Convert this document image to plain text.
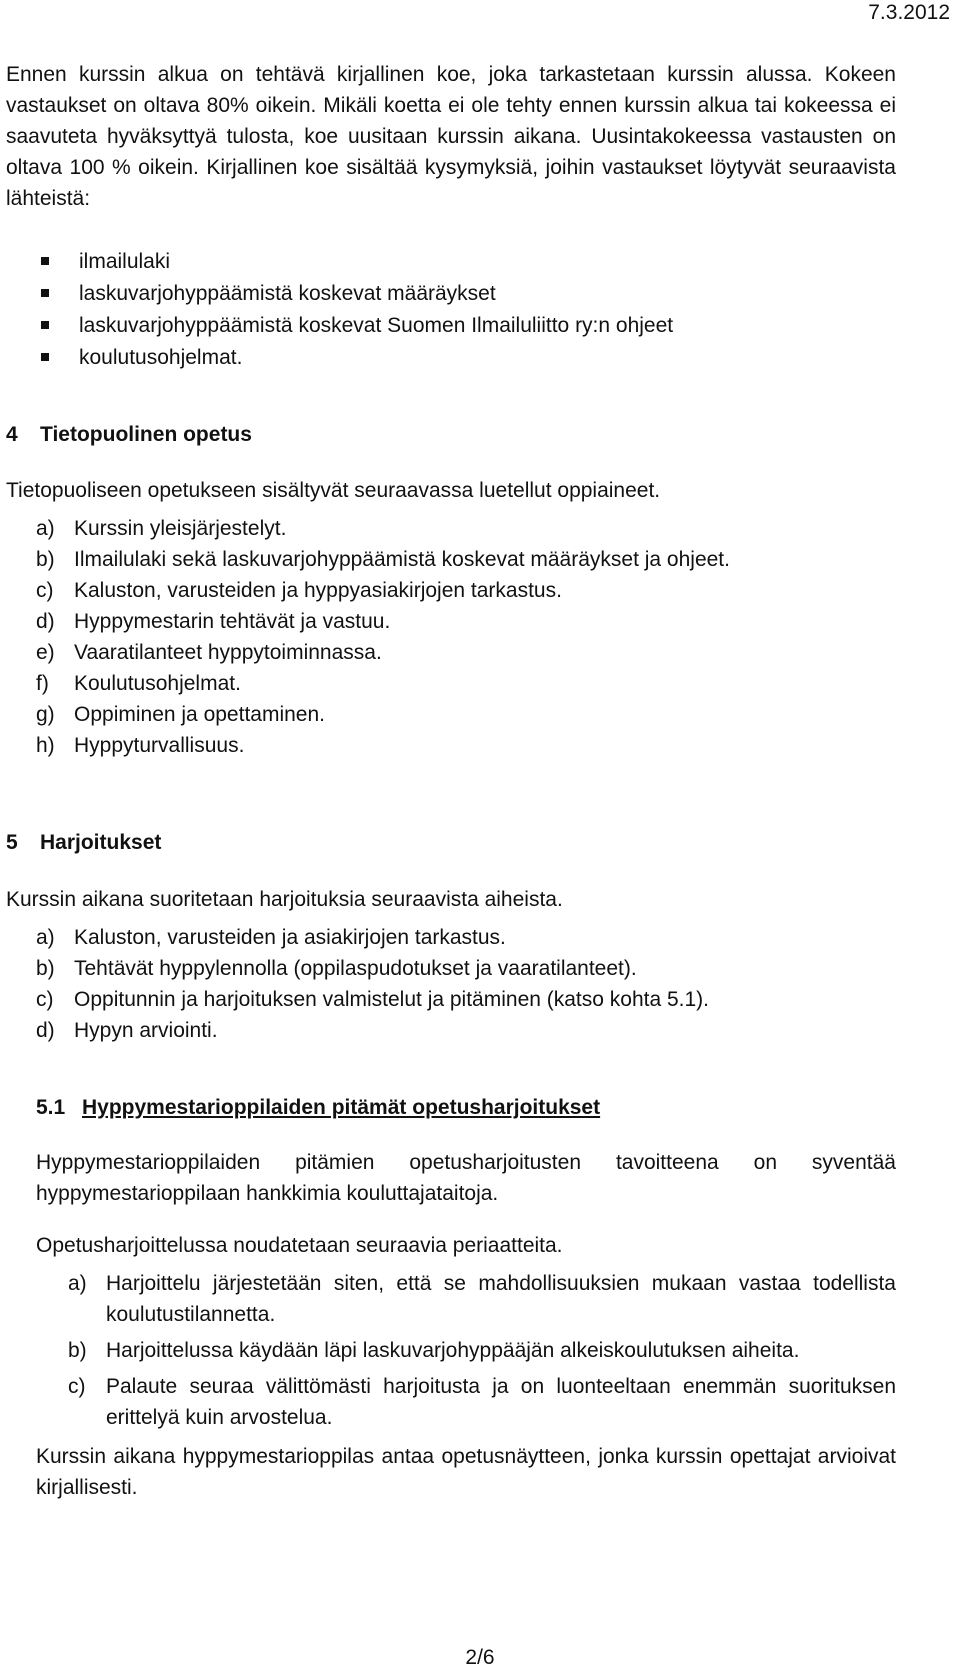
7.3.2012

Ennen kurssin alkua on tehtävä kirjallinen koe, joka tarkastetaan kurssin alussa. Kokeen vastaukset on oltava 80% oikein. Mikäli koetta ei ole tehty ennen kurssin alkua tai kokeessa ei saavuteta hyväksyttyä tulosta, koe uusitaan kurssin aikana. Uusintakokeessa vastausten on oltava 100 % oikein. Kirjallinen koe sisältää kysymyksiä, joihin vastaukset löytyvät seuraavista lähteistä:

ilmailulaki
laskuvarjohyppäämistä koskevat määräykset
laskuvarjohyppäämistä koskevat Suomen Ilmailuliitto ry:n ohjeet
koulutusohjelmat.
4 Tietopuolinen opetus

Tietopuoliseen opetukseen sisältyvät seuraavassa luetellut oppiaineet.

a) Kurssin yleisjärjestelyt.
b) Ilmailulaki sekä laskuvarjohyppäämistä koskevat määräykset ja ohjeet.
c) Kaluston, varusteiden ja hyppyasiakirjojen tarkastus.
d) Hyppymestarin tehtävät ja vastuu.
e) Vaaratilanteet hyppytoiminnassa.
f) Koulutusohjelmat.
g) Oppiminen ja opettaminen.
h) Hyppyturvallisuus.
5 Harjoitukset

Kurssin aikana suoritetaan harjoituksia seuraavista aiheista.

a) Kaluston, varusteiden ja asiakirjojen tarkastus.
b) Tehtävät hyppylennolla (oppilaspudotukset ja vaaratilanteet).
c) Oppitunnin ja harjoituksen valmistelut ja pitäminen (katso kohta 5.1).
d) Hypyn arviointi.
5.1 Hyppymestarioppilaiden pitämät opetusharjoitukset

Hyppymestarioppilaiden pitämien opetusharjoitusten tavoitteena on syventää hyppymestarioppilaan hankkimia kouluttajataitoja.

Opetusharjoittelussa noudatetaan seuraavia periaatteita.

a) Harjoittelu järjestetään siten, että se mahdollisuuksien mukaan vastaa todellista koulutustilannetta.
b) Harjoittelussa käydään läpi laskuvarjohyppääjän alkeiskoulutuksen aiheita.
c) Palaute seuraa välittömästi harjoitusta ja on luonteeltaan enemmän suorituksen erittelyä kuin arvostelua.

Kurssin aikana hyppymestarioppilas antaa opetusnäytteen, jonka kurssin opettajat arvioivat kirjallisesti.

2/6
